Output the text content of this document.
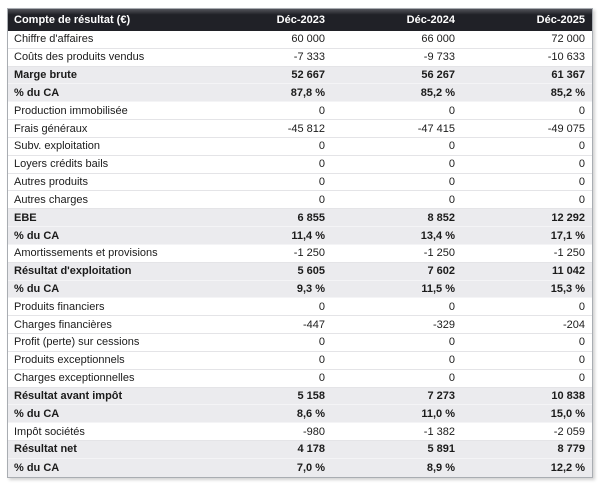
Compte de résultat (€)	Déc-2023	Déc-2024	Déc-2025
Chiffre d'affaires	60 000	66 000	72 000
Coûts des produits vendus	-7 333	-9 733	-10 633
Marge brute	52 667	56 267	61 367
% du CA	87,8 %	85,2 %	85,2 %
Production immobilisée	0	0	0
Frais généraux	-45 812	-47 415	-49 075
Subv. exploitation	0	0	0
Loyers crédits bails	0	0	0
Autres produits	0	0	0
Autres charges	0	0	0
EBE	6 855	8 852	12 292
% du CA	11,4 %	13,4 %	17,1 %
Amortissements et provisions	-1 250	-1 250	-1 250
Résultat d'exploitation	5 605	7 602	11 042
% du CA	9,3 %	11,5 %	15,3 %
Produits financiers	0	0	0
Charges financières	-447	-329	-204
Profit (perte) sur cessions	0	0	0
Produits exceptionnels	0	0	0
Charges exceptionnelles	0	0	0
Résultat avant impôt	5 158	7 273	10 838
% du CA	8,6 %	11,0 %	15,0 %
Impôt sociétés	-980	-1 382	-2 059
Résultat net	4 178	5 891	8 779
% du CA	7,0 %	8,9 %	12,2 %
